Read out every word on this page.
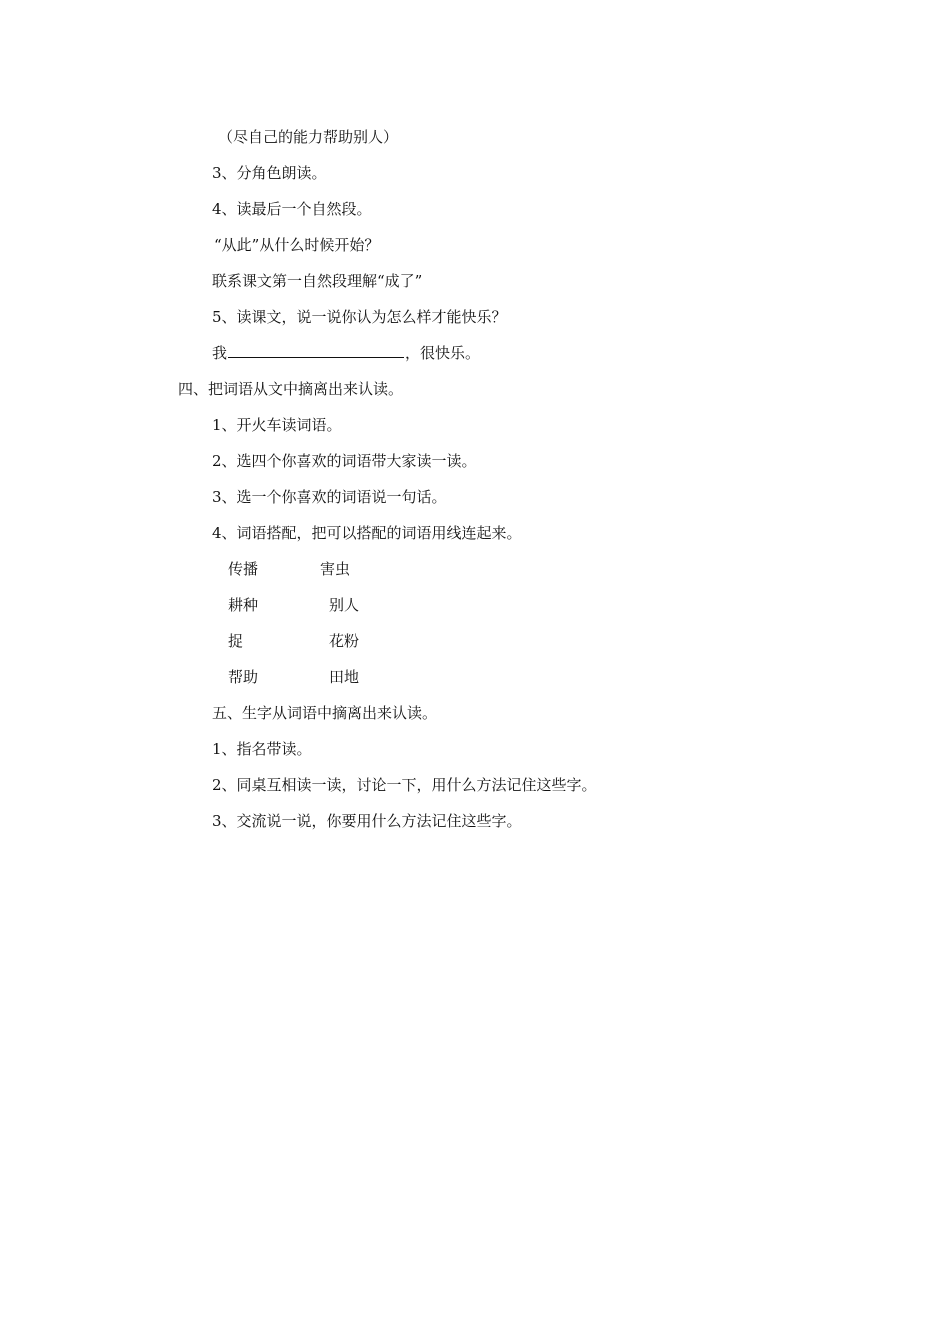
（尽自己的能力帮助别人）
3、分角色朗读。
4、读最后一个自然段。
“从此”从什么时候开始？
联系课文第一自然段理解“成了”
5、读课文，说一说你认为怎么样才能快乐？
我	，很快乐。
四、把词语从文中摘离出来认读。
1、开火车读词语。
2、选四个你喜欢的词语带大家读一读。
3、选一个你喜欢的词语说一句话。
4、词语搭配，把可以搭配的词语用线连起来。
传播	害虫
耕种	别人
捉	花粉
帮助	田地
五、生字从词语中摘离出来认读。
1、指名带读。
2、同桌互相读一读，讨论一下，用什么方法记住这些字。
3、交流说一说，你要用什么方法记住这些字。
